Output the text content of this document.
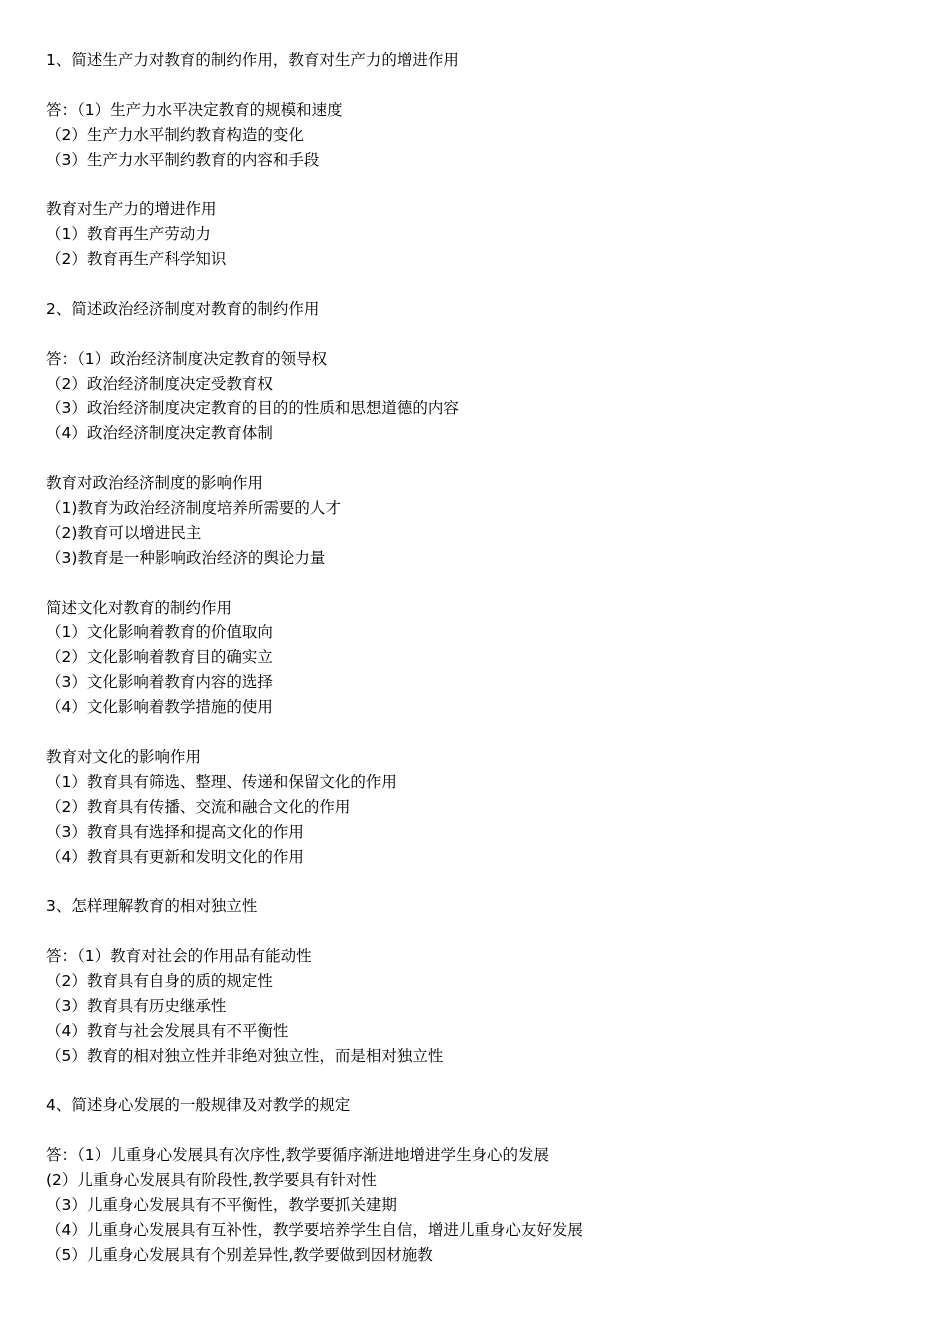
1、简述生产力对教育的制约作用，教育对生产力的增进作用
答：（1）生产力水平决定教育的规模和速度
（2）生产力水平制约教育构造的变化
（3）生产力水平制约教育的内容和手段
教育对生产力的增进作用
（1）教育再生产劳动力
（2）教育再生产科学知识
2、简述政治经济制度对教育的制约作用
答：（1）政治经济制度决定教育的领导权
（2）政治经济制度决定受教育权
（3）政治经济制度决定教育的目的的性质和思想道德的内容
（4）政治经济制度决定教育体制
教育对政治经济制度的影响作用
（1)教育为政治经济制度培养所需要的人才
（2)教育可以增进民主
（3)教育是一种影响政治经济的舆论力量
简述文化对教育的制约作用
（1）文化影响着教育的价值取向
（2）文化影响着教育目的确实立
（3）文化影响着教育内容的选择
（4）文化影响着教学措施的使用
教育对文化的影响作用
（1）教育具有筛选、整理、传递和保留文化的作用
（2）教育具有传播、交流和融合文化的作用
（3）教育具有选择和提高文化的作用
（4）教育具有更新和发明文化的作用
3、怎样理解教育的相对独立性
答：（1）教育对社会的作用品有能动性
（2）教育具有自身的质的规定性
（3）教育具有历史继承性
（4）教育与社会发展具有不平衡性
（5）教育的相对独立性并非绝对独立性，而是相对独立性
4、简述身心发展的一般规律及对教学的规定
答：（1）儿重身心发展具有次序性,教学要循序渐进地增进学生身心的发展
(2）儿重身心发展具有阶段性,教学要具有针对性
（3）儿重身心发展具有不平衡性，教学要抓关建期
（4）儿重身心发展具有互补性，教学要培养学生自信，增进儿重身心友好发展
（5）儿重身心发展具有个别差异性,教学要做到因材施教
